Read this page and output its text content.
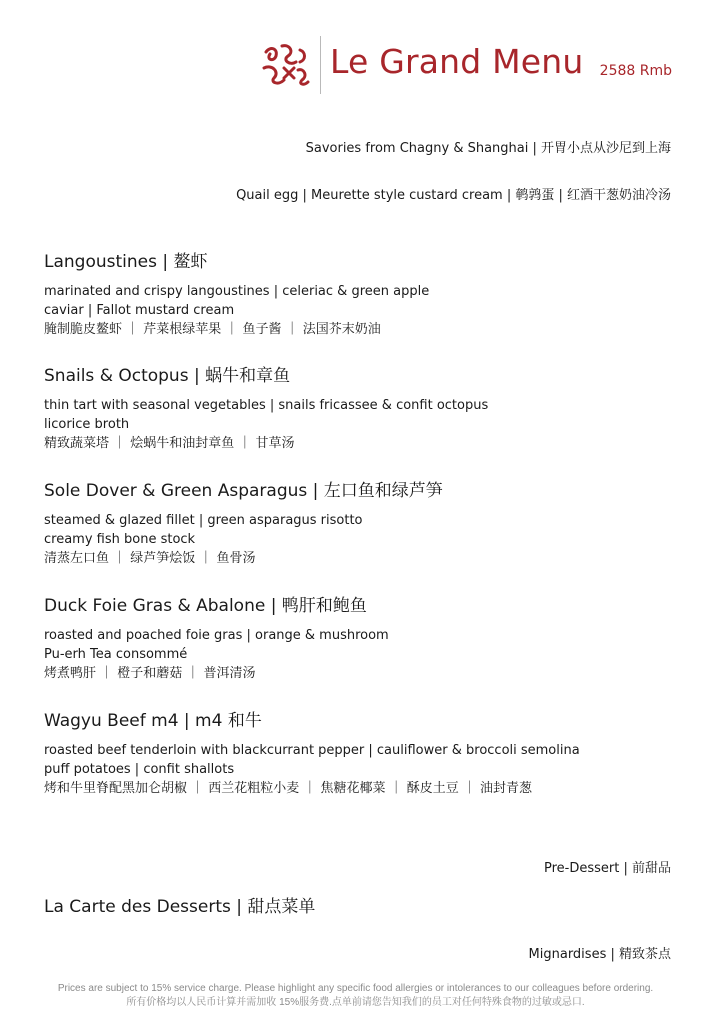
Le Grand Menu 2588 Rmb
Savories from Chagny & Shanghai | 开胃小点从沙尼到上海
Quail egg | Meurette style custard cream | 鹌鹑蛋 | 红酒干葱奶油冷汤
Langoustines | 鳌虾
marinated and crispy langoustines | celeriac & green apple
caviar | Fallot mustard cream
腌制脆皮鳌虾 ｜ 芹菜根绿苹果 ｜ 鱼子酱 ｜ 法国芥末奶油
Snails & Octopus | 蜗牛和章鱼
thin tart with seasonal vegetables | snails fricassee & confit octopus
licorice broth
精致蔬菜塔 ｜ 烩蜗牛和油封章鱼 ｜ 甘草汤
Sole Dover & Green Asparagus | 左口鱼和绿芦笋
steamed & glazed fillet | green asparagus risotto
creamy fish bone stock
清蒸左口鱼 ｜ 绿芦笋烩饭 ｜ 鱼骨汤
Duck Foie Gras & Abalone | 鸭肝和鲍鱼
roasted and poached foie gras | orange & mushroom
Pu-erh Tea consommé
烤煮鸭肝 ｜ 橙子和蘑菇 ｜ 普洱清汤
Wagyu Beef m4 | m4 和牛
roasted beef tenderloin with blackcurrant pepper | cauliflower & broccoli semolina
puff potatoes | confit shallots
烤和牛里脊配黑加仑胡椒 ｜ 西兰花粗粒小麦 ｜ 焦糖花椰菜 ｜ 酥皮土豆 ｜ 油封青葱
Pre-Dessert | 前甜品
La Carte des Desserts | 甜点菜单
Mignardises | 精致茶点
Prices are subject to 15% service charge. Please highlight any specific food allergies or intolerances to our colleagues before ordering.
所有价格均以人民币计算并需加收 15%服务费.点单前请您告知我们的员工对任何特殊食物的过敏或忌口.
